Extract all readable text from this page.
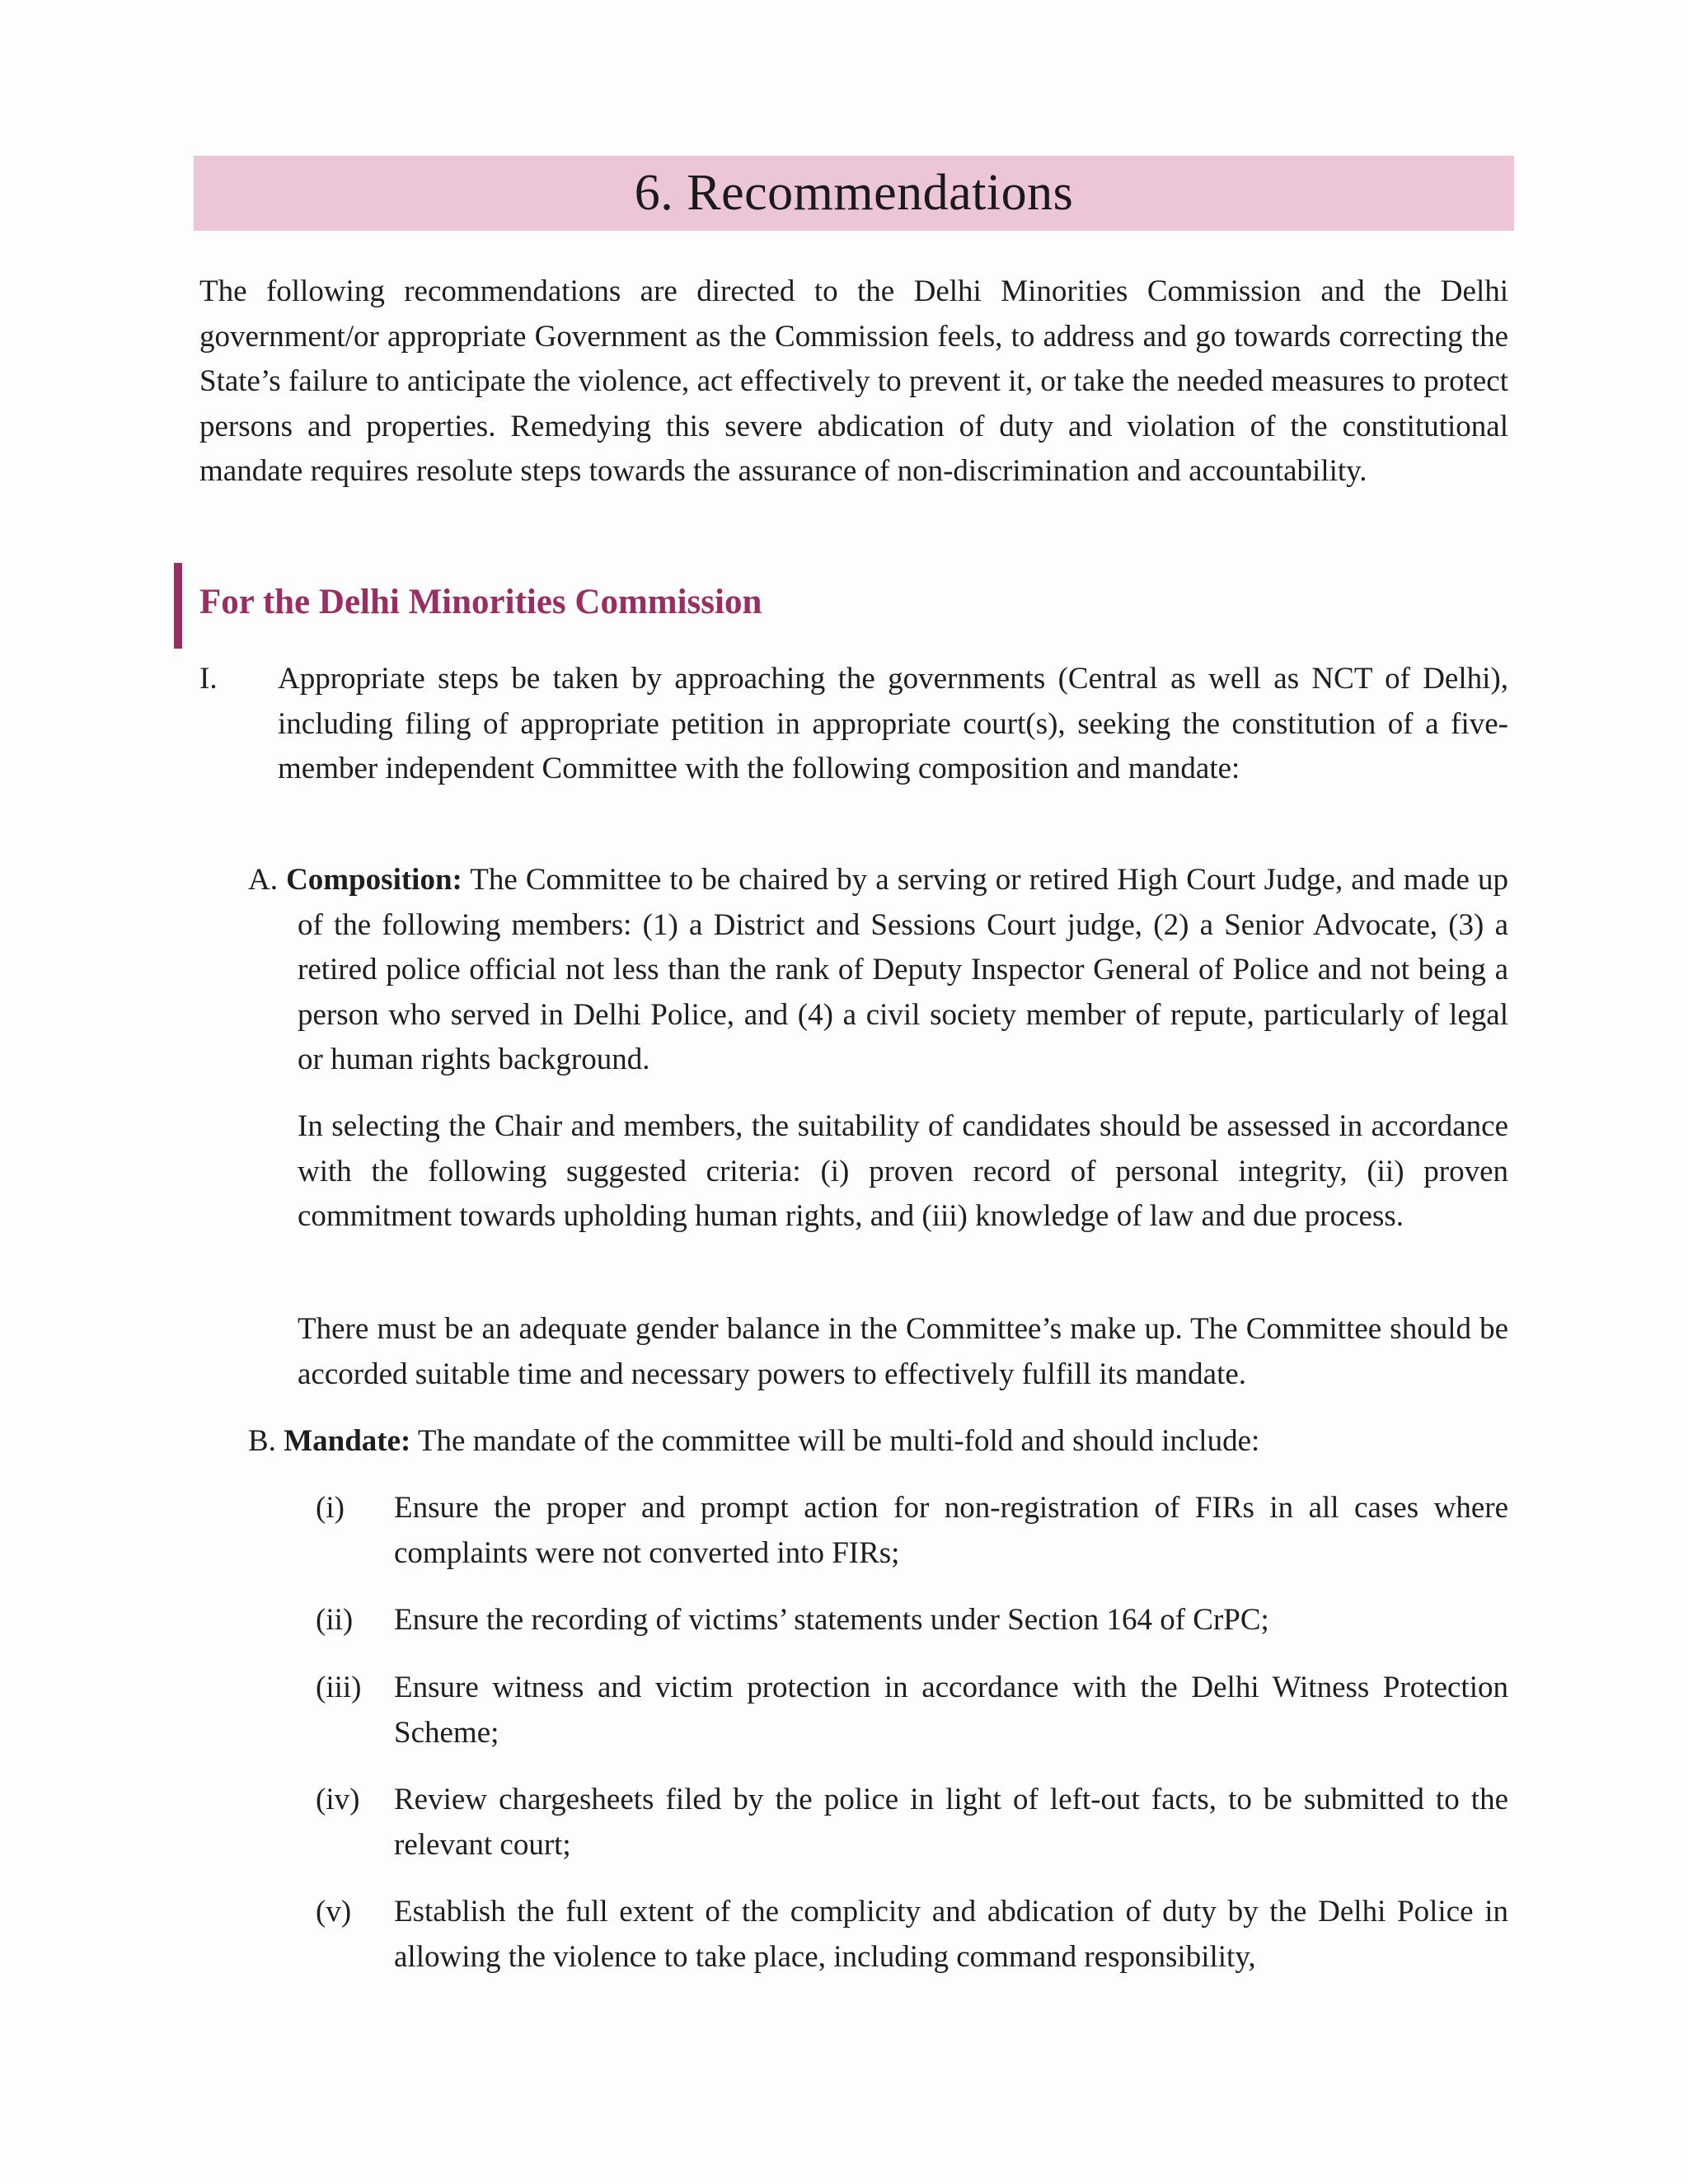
6. Recommendations

The following recommendations are directed to the Delhi Minorities Commission and the Delhi government/or appropriate Government as the Commission feels, to address and go towards correcting the State’s failure to anticipate the violence, act effectively to prevent it, or take the needed measures to protect persons and properties. Remedying this severe abdication of duty and violation of the constitutional mandate requires resolute steps towards the assurance of non-discrimination and accountability.

For the Delhi Minorities Commission
I. Appropriate steps be taken by approaching the governments (Central as well as NCT of Delhi), including filing of appropriate petition in appropriate court(s), seeking the constitution of a five-member independent Committee with the following composition and mandate:

A. Composition: The Committee to be chaired by a serving or retired High Court Judge, and made up of the following members: (1) a District and Sessions Court judge, (2) a Senior Advocate, (3) a retired police official not less than the rank of Deputy Inspector General of Police and not being a person who served in Delhi Police, and (4) a civil society member of repute, particularly of legal or human rights background.

In selecting the Chair and members, the suitability of candidates should be assessed in accordance with the following suggested criteria: (i) proven record of personal integrity, (ii) proven commitment towards upholding human rights, and (iii) knowledge of law and due process.

There must be an adequate gender balance in the Committee’s make up. The Committee should be accorded suitable time and necessary powers to effectively fulfill its mandate.

B. Mandate: The mandate of the committee will be multi-fold and should include:

(i) Ensure the proper and prompt action for non-registration of FIRs in all cases where complaints were not converted into FIRs;

(ii) Ensure the recording of victims’ statements under Section 164 of CrPC;

(iii) Ensure witness and victim protection in accordance with the Delhi Witness Protection Scheme;

(iv) Review chargesheets filed by the police in light of left-out facts, to be submitted to the relevant court;

(v) Establish the full extent of the complicity and abdication of duty by the Delhi Police in allowing the violence to take place, including command responsibility,
